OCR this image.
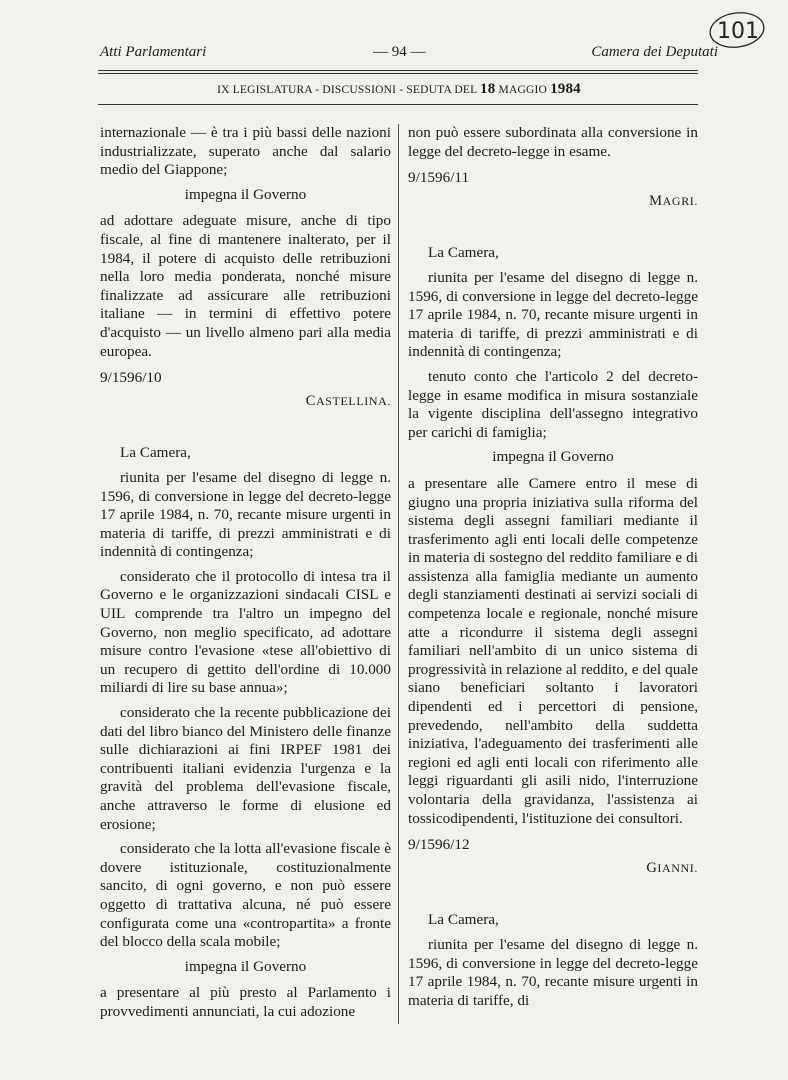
Atti Parlamentari	— 94 —	Camera dei Deputati
101
IX LEGISLATURA - DISCUSSIONI - SEDUTA DEL 18 MAGGIO 1984

internazionale — è tra i più bassi delle nazioni industrializzate, superato anche dal salario medio del Giappone;

impegna il Governo

ad adottare adeguate misure, anche di tipo fiscale, al fine di mantenere inalterato, per il 1984, il potere di acquisto delle retribuzioni nella loro media ponderata, nonché misure finalizzate ad assicurare alle retribuzioni italiane — in termini di effettivo potere d'acquisto — un livello almeno pari alla media europea.

9/1596/10

CASTELLINA.

La Camera,

riunita per l'esame del disegno di legge n. 1596, di conversione in legge del decreto-legge 17 aprile 1984, n. 70, recante misure urgenti in materia di tariffe, di prezzi amministrati e di indennità di contingenza;

considerato che il protocollo di intesa tra il Governo e le organizzazioni sindacali CISL e UIL comprende tra l'altro un impegno del Governo, non meglio specificato, ad adottare misure contro l'evasione «tese all'obiettivo di un recupero di gettito dell'ordine di 10.000 miliardi di lire su base annua»;

considerato che la recente pubblicazione dei dati del libro bianco del Ministero delle finanze sulle dichiarazioni ai fini IRPEF 1981 dei contribuenti italiani evidenzia l'urgenza e la gravità del problema dell'evasione fiscale, anche attraverso le forme di elusione ed erosione;

considerato che la lotta all'evasione fiscale è dovere istituzionale, costituzionalmente sancito, di ogni governo, e non può essere oggetto di trattativa alcuna, né può essere configurata come una «contropartita» a fronte del blocco della scala mobile;

impegna il Governo

a presentare al più presto al Parlamento i provvedimenti annunciati, la cui adozione

non può essere subordinata alla conversione in legge del decreto-legge in esame.

9/1596/11

MAGRI.

La Camera,

riunita per l'esame del disegno di legge n. 1596, di conversione in legge del decreto-legge 17 aprile 1984, n. 70, recante misure urgenti in materia di tariffe, di prezzi amministrati e di indennità di contingenza;

tenuto conto che l'articolo 2 del decreto-legge in esame modifica in misura sostanziale la vigente disciplina dell'assegno integrativo per carichi di famiglia;

impegna il Governo

a presentare alle Camere entro il mese di giugno una propria iniziativa sulla riforma del sistema degli assegni familiari mediante il trasferimento agli enti locali delle competenze in materia di sostegno del reddito familiare e di assistenza alla famiglia mediante un aumento degli stanziamenti destinati ai servizi sociali di competenza locale e regionale, nonché misure atte a ricondurre il sistema degli assegni familiari nell'ambito di un unico sistema di progressività in relazione al reddito, e del quale siano beneficiari soltanto i lavoratori dipendenti ed i percettori di pensione, prevedendo, nell'ambito della suddetta iniziativa, l'adeguamento dei trasferimenti alle regioni ed agli enti locali con riferimento alle leggi riguardanti gli asili nido, l'interruzione volontaria della gravidanza, l'assistenza ai tossicodipendenti, l'istituzione dei consultori.

9/1596/12

GIANNI.

La Camera,

riunita per l'esame del disegno di legge n. 1596, di conversione in legge del decreto-legge 17 aprile 1984, n. 70, recante misure urgenti in materia di tariffe, di
